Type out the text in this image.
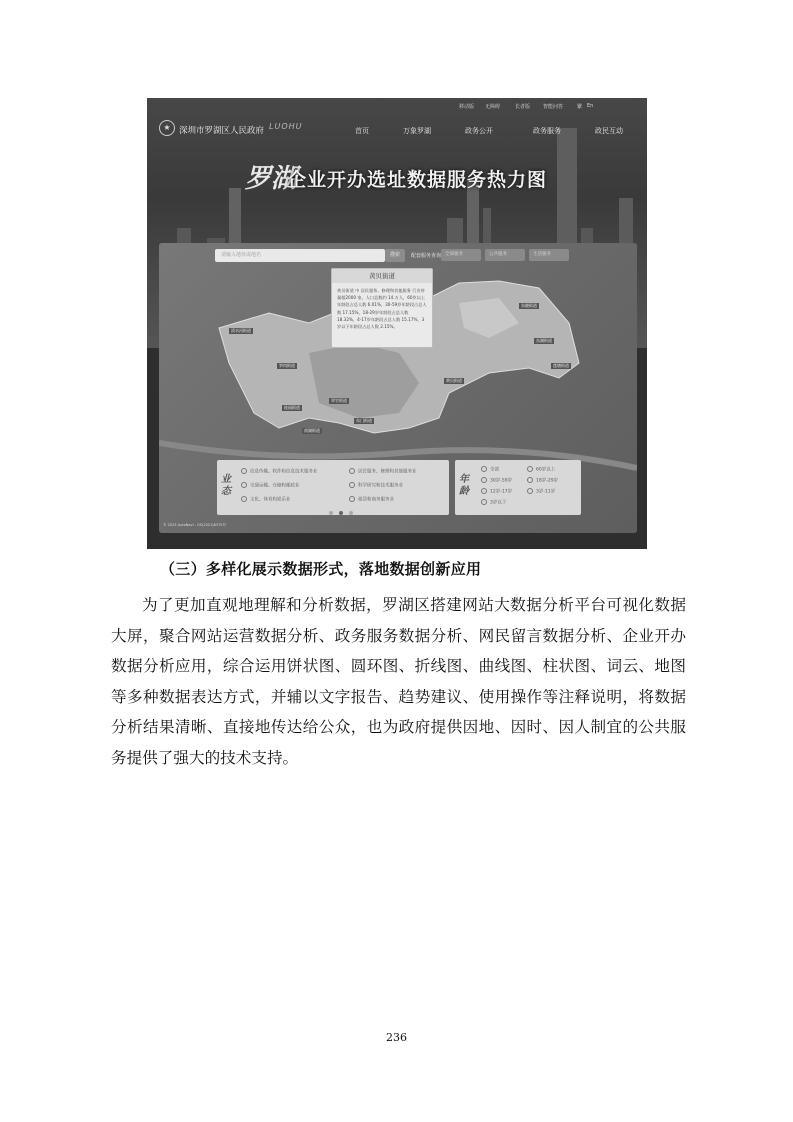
移动版 无障碍	长者版	智能问答	繁 En
★ 深圳市罗湖区人民政府 LUOHU	首页	万象罗湖	政务公开	政务服务	政民互动
罗湖
企业开办选址数据服务热力图
请输入地址或地名	搜索	配套服务查询 全部服务	公共服务	生活服务
清水河街道
笋岗街道
翠竹街道
东晓街道
东湖街道
莲塘街道
黄贝街道
桂园街道
南湖街道
东门街道
黄贝街道
黄贝街道 中 居民服务、修理和其他服务 行业停量超2000 家，人口总数约 14.万人，60岁以上年龄段占总人数 6.01%，30-59岁年龄段占总人数 17.15%，18-29岁年龄段占总人数 18.32%，4-17岁年龄段占总人数 15.17%，3岁以下年龄段占总人数 2.15%。
业态
信息传输、软件和信息技术服务业
交通运输、仓储和邮政业
文化、体育和娱乐业
居民服务、修理和其他服务业
科学研究和技术服务业
租赁和商务服务业
年龄
全部
30岁-59岁
12岁-17岁
3岁以下
60岁以上
18岁-29岁
3岁-11岁
© 2023 AutoNavi - GS(2021)6375号
（三）多样化展示数据形式，落地数据创新应用

为了更加直观地理解和分析数据，罗湖区搭建网站大数据分析平台可视化数据大屏，聚合网站运营数据分析、政务服务数据分析、网民留言数据分析、企业开办数据分析应用，综合运用饼状图、圆环图、折线图、曲线图、柱状图、词云、地图等多种数据表达方式，并辅以文字报告、趋势建议、使用操作等注释说明，将数据分析结果清晰、直接地传达给公众，也为政府提供因地、因时、因人制宜的公共服务提供了强大的技术支持。

236
